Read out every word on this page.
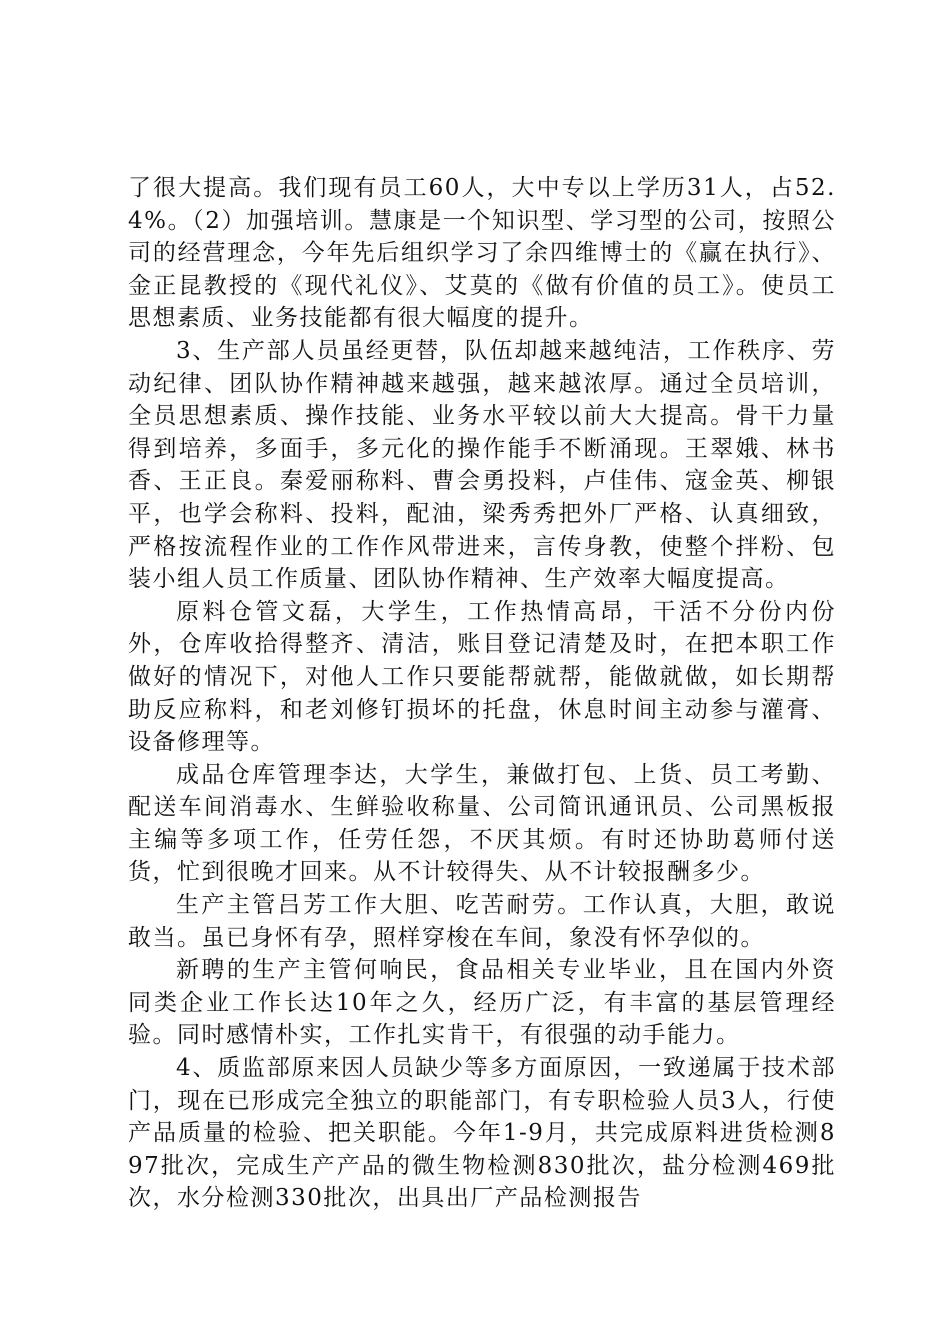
了很大提高。我们现有员工60人，大中专以上学历31人，占52.4%。（2）加强培训。慧康是一个知识型、学习型的公司，按照公司的经营理念，今年先后组织学习了余四维博士的《赢在执行》、金正昆教授的《现代礼仪》、艾莫的《做有价值的员工》。使员工思想素质、业务技能都有很大幅度的提升。

3、生产部人员虽经更替，队伍却越来越纯洁，工作秩序、劳动纪律、团队协作精神越来越强，越来越浓厚。通过全员培训，全员思想素质、操作技能、业务水平较以前大大提高。骨干力量得到培养，多面手，多元化的操作能手不断涌现。王翠娥、林书香、王正良。秦爱丽称料、曹会勇投料，卢佳伟、寇金英、柳银平，也学会称料、投料，配油，梁秀秀把外厂严格、认真细致，严格按流程作业的工作作风带进来，言传身教，使整个拌粉、包装小组人员工作质量、团队协作精神、生产效率大幅度提高。

原料仓管文磊，大学生，工作热情高昂，干活不分份内份外，仓库收拾得整齐、清洁，账目登记清楚及时，在把本职工作做好的情况下，对他人工作只要能帮就帮，能做就做，如长期帮助反应称料，和老刘修钉损坏的托盘，休息时间主动参与灌膏、设备修理等。

成品仓库管理李达，大学生，兼做打包、上货、员工考勤、配送车间消毒水、生鲜验收称量、公司简讯通讯员、公司黑板报主编等多项工作，任劳任怨，不厌其烦。有时还协助葛师付送货，忙到很晚才回来。从不计较得失、从不计较报酬多少。

生产主管吕芳工作大胆、吃苦耐劳。工作认真，大胆，敢说敢当。虽已身怀有孕，照样穿梭在车间，象没有怀孕似的。

新聘的生产主管何响民，食品相关专业毕业，且在国内外资同类企业工作长达10年之久，经历广泛，有丰富的基层管理经验。同时感情朴实，工作扎实肯干，有很强的动手能力。

4、质监部原来因人员缺少等多方面原因，一致递属于技术部门，现在已形成完全独立的职能部门，有专职检验人员3人，行使产品质量的检验、把关职能。今年1-9月，共完成原料进货检测897批次，完成生产产品的微生物检测830批次，盐分检测469批次，水分检测330批次，出具出厂产品检测报告
